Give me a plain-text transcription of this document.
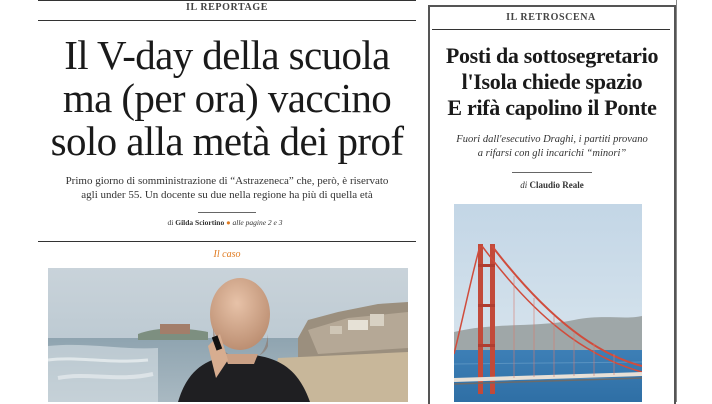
IL REPORTAGE
Il V-day della scuola
ma (per ora) vaccino
solo alla metà dei prof
Primo giorno di somministrazione di “Astrazeneca” che, però, è riservato
agli under 55. Un docente su due nella regione ha più di quella età
di Gilda Sciortino ● alle pagine 2 e 3
Il caso
IL RETROSCENA
Posti da sottosegretario
l'Isola chiede spazio
E rifà capolino il Ponte
Fuori dall'esecutivo Draghi, i partiti provano
a rifarsi con gli incarichi “minori”
di Claudio Reale
